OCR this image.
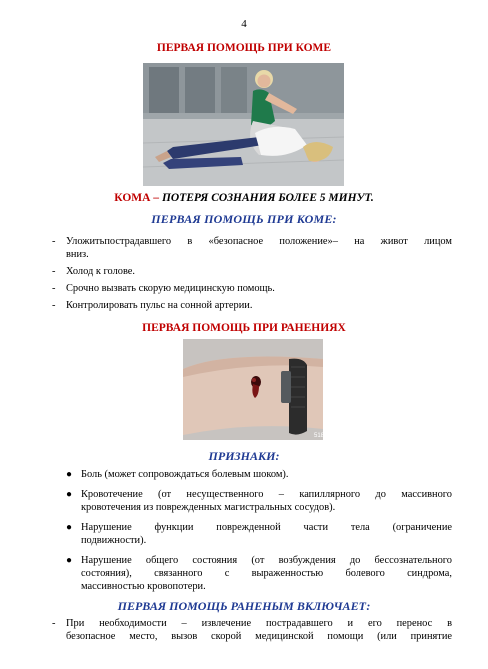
4
ПЕРВАЯ ПОМОЩЬ ПРИ КОМЕ
КОМА – ПОТЕРЯ СОЗНАНИЯ БОЛЕЕ 5 МИНУТ.
ПЕРВАЯ ПОМОЩЬ ПРИ КОМЕ:
- Уложитьпострадавшего в «безопасное положение»– на живот лицом
вниз.
- Холод к голове.
- Срочно вызвать скорую медицинскую помощь.
- Контролировать пульс на сонной артерии.
ПЕРВАЯ ПОМОЩЬ ПРИ РАНЕНИЯХ
518
ПРИЗНАКИ:
● Боль (может сопровождаться болевым шоком).
● Кровотечение (от несущественного – капиллярного до массивного
кровотечения из поврежденных магистральных сосудов).
● Нарушение функции поврежденной части тела (ограничение
подвижности).
● Нарушение общего состояния (от возбуждения до бессознательного
состояния), связанного с выраженностью болевого синдрома,
массивностью кровопотери.
ПЕРВАЯ ПОМОЩЬ РАНЕНЫМ ВКЛЮЧАЕТ:
- При необходимости – извлечение пострадавшего и его перенос в
безопасное место, вызов скорой медицинской помощи (или принятие
